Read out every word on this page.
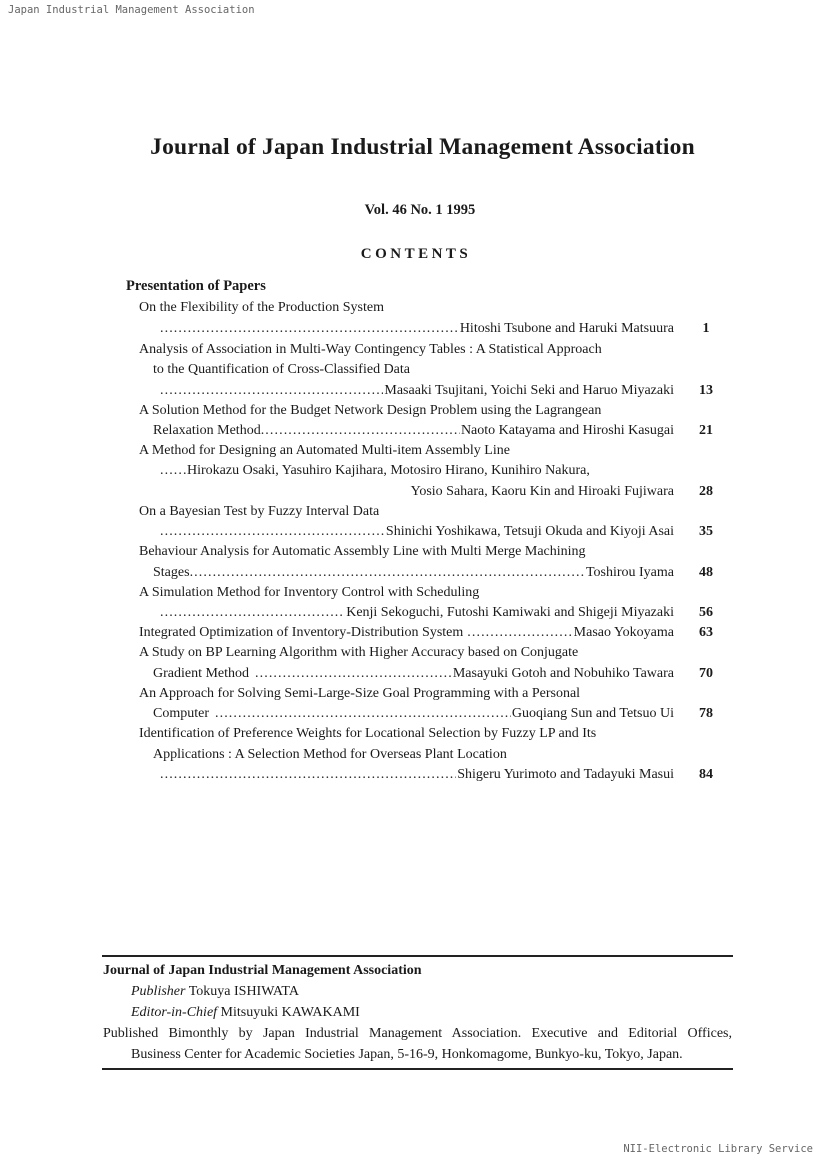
Japan Industrial Management Association
Journal of Japan Industrial Management Association
Vol. 46 No. 1 1995
CONTENTS
Presentation of Papers
On the Flexibility of the Production System
. . .
Hitoshi Tsubone and Haruki Matsuura	1
Analysis of Association in Multi-Way Contingency Tables : A Statistical Approach
to the Quantification of Cross-Classified Data
. . .
Masaaki Tsujitani, Yoichi Seki and Haruo Miyazaki	13
A Solution Method for the Budget Network Design Problem using the Lagrangean
Relaxation Method . . .	Naoto Katayama and Hiroshi Kasugai	21
A Method for Designing an Automated Multi-item Assembly Line
. . .
Hirokazu Osaki, Yasuhiro Kajihara, Motosiro Hirano, Kunihiro Nakura,
Yosio Sahara, Kaoru Kin and Hiroaki Fujiwara	28
On a Bayesian Test by Fuzzy Interval Data
. . .
Shinichi Yoshikawa, Tetsuji Okuda and Kiyoji Asai	35
Behaviour Analysis for Automatic Assembly Line with Multi Merge Machining
Stages . . .	Toshirou Iyama	48
A Simulation Method for Inventory Control with Scheduling
. . .
Kenji Sekoguchi, Futoshi Kamiwaki and Shigeji Miyazaki	56
Integrated Optimization of Inventory-Distribution System . . .	Masao Yokoyama	63
A Study on BP Learning Algorithm with Higher Accuracy based on Conjugate
Gradient Method . . .	Masayuki Gotoh and Nobuhiko Tawara	70
An Approach for Solving Semi-Large-Size Goal Programming with a Personal
Computer . . .	Guoqiang Sun and Tetsuo Ui	78
Identification of Preference Weights for Locational Selection by Fuzzy LP and Its
Applications : A Selection Method for Overseas Plant Location
. . .
Shigeru Yurimoto and Tadayuki Masui	84
Journal of Japan Industrial Management Association
Publisher Tokuya ISHIWATA
Editor-in-Chief Mitsuyuki KAWAKAMI
Published Bimonthly by Japan Industrial Management Association. Executive and Editorial Offices,
Business Center for Academic Societies Japan, 5-16-9, Honkomagome, Bunkyo-ku, Tokyo, Japan.
NII-Electronic Library Service
